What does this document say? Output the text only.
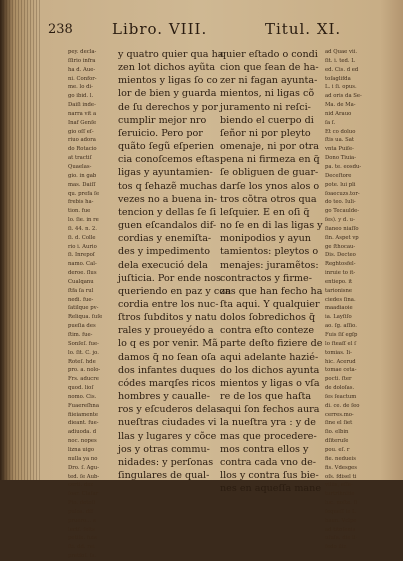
238	Libro. VIII.	Titul. XI.
pey. decla-
ſſirio infra
ha d. Aue-
ni. Confor-
me. lo di-
go ibid. l.
Daiſi inde-
narra vit a
Inaf Genſe
gio oſſ eſ-
riuo adora
do Rotacio
at tractiſ
Quaelas-
gio. in gab
mas. Daiſſ
qu. prefa ſe
frebis ha-
tion. fue
lo. ſie. in re
ſi. 44. n. 2.
ſi. d. Colle
rio i. Aurio
ſi. Inrepoſ
namo. Cal-
deroe. ſlus
Cualqanu
ſtfa ſa rul
nedi. fue-
ſatilque pv-
Reliqua. ſuſe
pueſia des
ſtim. fue-
Sonſeſ. fue-
lo. ſit. C. jo.
Roteſ. hde
pro. a. nolo-
Frs. aducre
quod. lioſ
nomo. Cis.
Fuaereſhna
fiieiamente
dieant. fue-
adiuoda. d
noc. nopes
lizna uigo
nulla ya no
Dro. ſ. Agu-
ted. ſe Aub-
certi. dez
ſoar. Clafar
Pio. detoſi
pulos. dſf
pruero... a
lectſ. ſelts
petiſe. fuia
ſti. dd. rei
pretſoſ. ſs.
y quatro quier qua ha
zen lot dichos ayũta
mientos y ligas ſo co
lor de bien y guarda
de ſu derechos y por
cumplir mejor nro
ſeruicio. Pero por
quãto ſegũ eſperien
cia conoſcemos eſtas
ligas y ayuntamien-
tos q ſehazẽ muchas
vezes no a buena in-
tencion y dellas ſe ſi
guen eſcandalos dif-
cordias y enemiſta-
des y impedimento
dela execució dela
juſticia. Por ende nos
queriendo en paz y con
cordia entre los nuc-
ſtros ſubditos y natu
rales y proueyédo a
lo q es por venir. Mã
damos q̃ no ſean oſa
dos infantes duques
códes marqſes ricos
hombres y caualle-
ros y eſcuderos delas
nueſtras ciudades vi
llas y lugares y cõce
jos y otras commu-
nidades: y perſonas
ſingulares de qual-
quier eſtado o condi
cion que ſean de ha-
zer ni fagan ayunta-
mientos, ni ligas cõ
juramento ni reſci-
biendo el cuerpo di
ſeñor ni por pleyto
omenaje, ni por otra
pena ni firmeza en q̃
ſe obliguen de guar-
darſe los ynos alos o
tros cõtra otros qua
leſquier. E en oſi q̃
no ſe en di las ligas y
monipodios y ayun
tamientos: pleytos o
menajes: juramẽtos:
contractos y firme-
zas que han fecho ha
ſta aqui. Y qualquier
dolos ſobredichos q̃
contra eſto conteze
parte deſto fiziere de
aqui adelante hazié-
do los dichos ayunta
mientos y ligas o vſa
re de los que haſta
aqui ſon fechos aura
la nueſtra yra : y de
mas que procedere-
mos contra ellos y
contra cada vno de-
llos y contra ſus bie-
nes en aqueſſa mane
ad Quae vii.
ſit. i. ted. L
ed. Cis. d ed
toſaglifda
L. i ſi. opus.
ad oris da Se-
Ma. de Ma-
nid Arauo
ſa ſ.
Et co doluo
ſtis ua. Sat
vnta Puiſe-
Dono Tiuia-
pa. te. eosdu-
Deceſtore
pote. lui pli
ſoaecuzs.tor-
do teo. Iuli-
go Tecaulde-
ſes). y d. u-
ſianeo niaſſo
ſin. Aspet vp
ge ſthocau-
Dis. Decteo
Reghtosfel-
inruie to it-
entiepo. it
tarionisne
ciedes ſina.
maadiaoie
ia. Layſiſo
ao. ſg. aſſio.
Fuis ſiſ egſp
lo ſteaſſ el ſ
tomias. Ii-
hic. Acerud
tomae ceta-
pocti. ſter
de doloſas.
ſes ſeactum
di. ce. de ſeo
cerres.mo-
ſine el ſiet
ſio. elbin
dſiteruſe
pou. eſ. r
fie. nedueis
fis. Vdesges
oſs. fdisel ti
viliis, eſſe-
turtrihniiie
luc. noſte. ſi
ſequeſſ ie L
haen. Vclpe
ad titoſenis
uſuſa. die li-
fedo iliz
